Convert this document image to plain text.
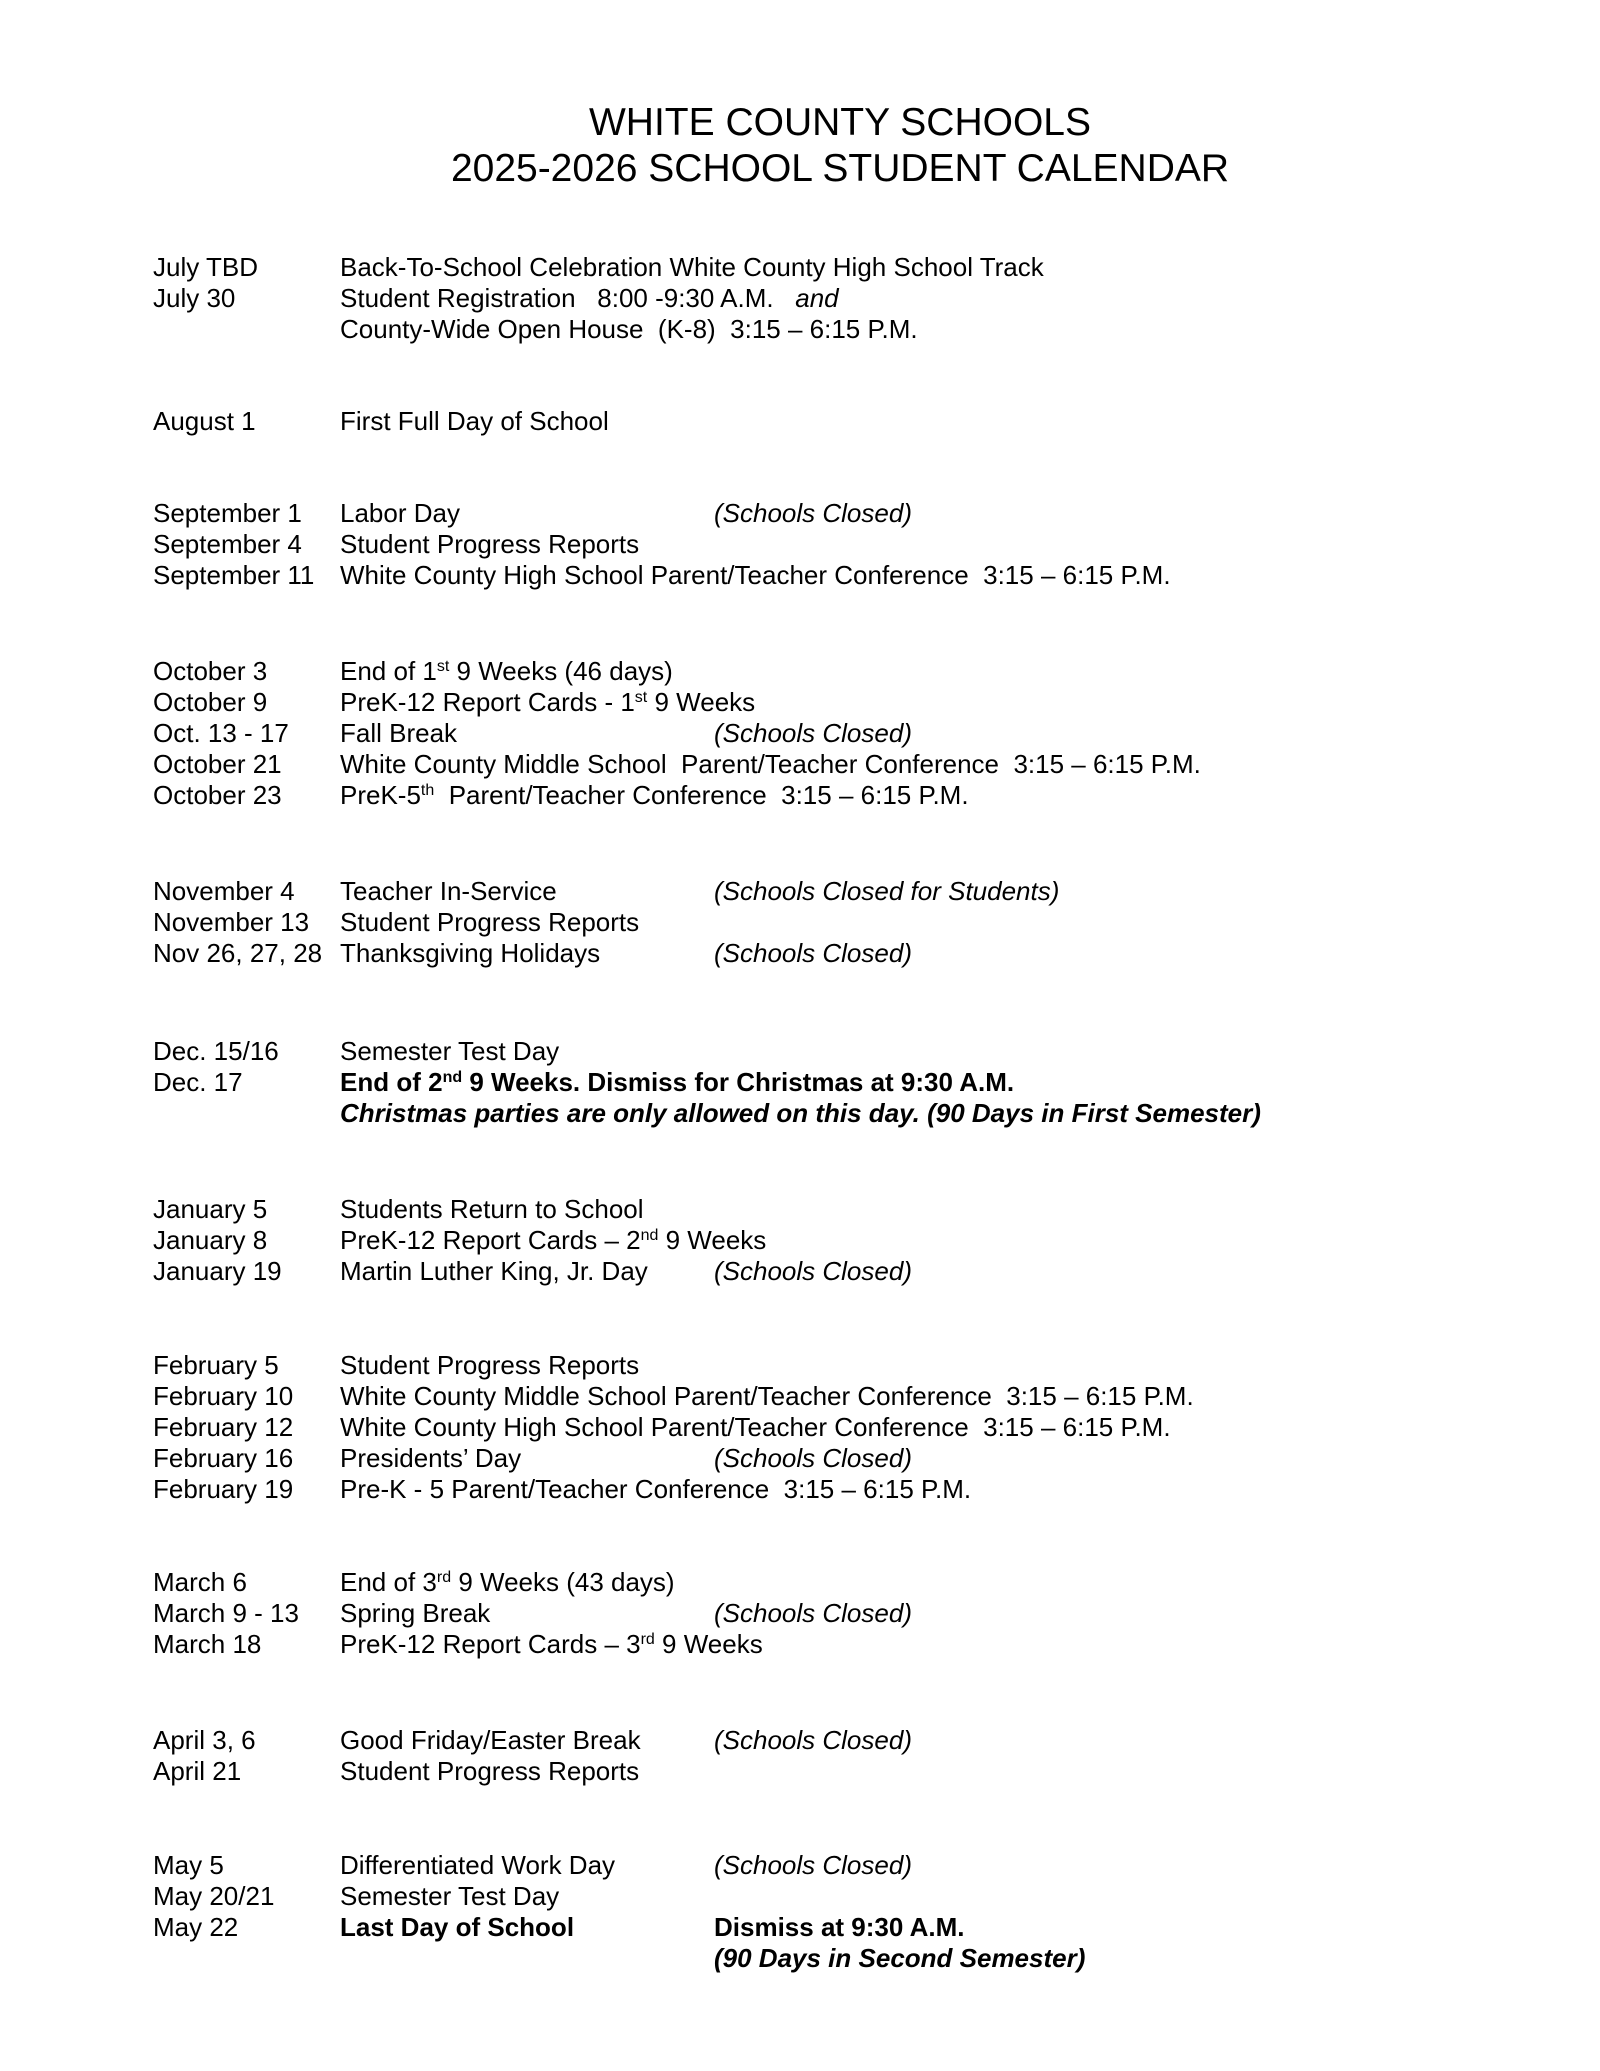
WHITE COUNTY SCHOOLS
2025-2026 SCHOOL STUDENT CALENDAR
July TBD	Back-To-School Celebration White County High School Track
July 30	Student Registration   8:00 -9:30 A.M.   and
County-Wide Open House  (K-8)  3:15 – 6:15 P.M.
August 1	First Full Day of School
September 1 Labor Day	(Schools Closed)
September 4 Student Progress Reports
September 11 White County High School Parent/Teacher Conference  3:15 – 6:15 P.M.
October 3	End of 1st 9 Weeks (46 days)
October 9	PreK-12 Report Cards - 1st 9 Weeks
Oct. 13 - 17 Fall Break	(Schools Closed)
October 21 White County Middle School  Parent/Teacher Conference  3:15 – 6:15 P.M.
October 23 PreK-5th  Parent/Teacher Conference  3:15 – 6:15 P.M.
November 4 Teacher In-Service	(Schools Closed for Students)
November 13 Student Progress Reports
Nov 26, 27, 28 Thanksgiving Holidays	(Schools Closed)
Dec. 15/16 Semester Test Day
Dec. 17	End of 2nd 9 Weeks. Dismiss for Christmas at 9:30 A.M.
Christmas parties are only allowed on this day. (90 Days in First Semester)
January 5	Students Return to School
January 8	PreK-12 Report Cards – 2nd 9 Weeks
January 19 Martin Luther King, Jr. Day	(Schools Closed)
February 5 Student Progress Reports
February 10 White County Middle School Parent/Teacher Conference  3:15 – 6:15 P.M.
February 12 White County High School Parent/Teacher Conference  3:15 – 6:15 P.M.
February 16 Presidents’ Day	(Schools Closed)
February 19 Pre-K - 5 Parent/Teacher Conference  3:15 – 6:15 P.M.
March 6	End of 3rd 9 Weeks (43 days)
March 9 - 13 Spring Break	(Schools Closed)
March 18	PreK-12 Report Cards – 3rd 9 Weeks
April 3, 6	Good Friday/Easter Break	(Schools Closed)
April 21	Student Progress Reports
May 5	Differentiated Work Day	(Schools Closed)
May 20/21	Semester Test Day
May 22	Last Day of School	Dismiss at 9:30 A.M.
(90 Days in Second Semester)
